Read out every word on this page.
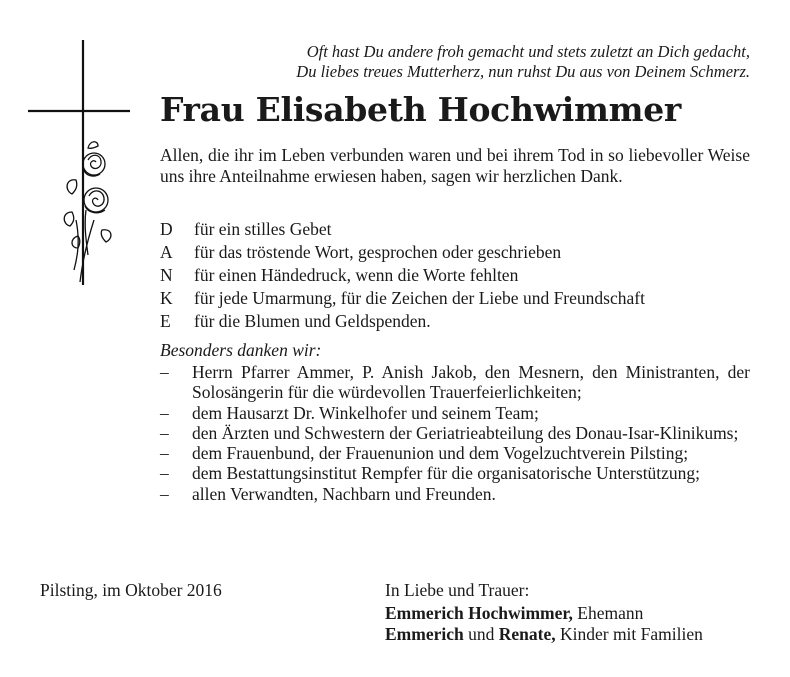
Oft hast Du andere froh gemacht und stets zuletzt an Dich gedacht,
Du liebes treues Mutterherz, nun ruhst Du aus von Deinem Schmerz.
Frau Elisabeth Hochwimmer
Allen, die ihr im Leben verbunden waren und bei ihrem Tod in so liebevoller Weise uns ihre Anteilnahme erwiesen haben, sagen wir herzlichen Dank.
D	für ein stilles Gebet
A	für das tröstende Wort, gesprochen oder geschrieben
N	für einen Händedruck, wenn die Worte fehlten
K	für jede Umarmung, für die Zeichen der Liebe und Freundschaft
E	für die Blumen und Geldspenden.
Besonders danken wir:
– Herrn Pfarrer Ammer, P. Anish Jakob, den Mesnern, den Ministranten, der Solosängerin für die würdevollen Trauerfeierlichkeiten;
– dem Hausarzt Dr. Winkelhofer und seinem Team;
– den Ärzten und Schwestern der Geriatrieabteilung des Donau-Isar-Klinikums;
– dem Frauenbund, der Frauenunion und dem Vogelzuchtverein Pilsting;
– dem Bestattungsinstitut Rempfer für die organisatorische Unterstützung;
– allen Verwandten, Nachbarn und Freunden.
Pilsting, im Oktober 2016	In Liebe und Trauer:
Emmerich Hochwimmer, Ehemann
Emmerich und Renate, Kinder mit Familien
